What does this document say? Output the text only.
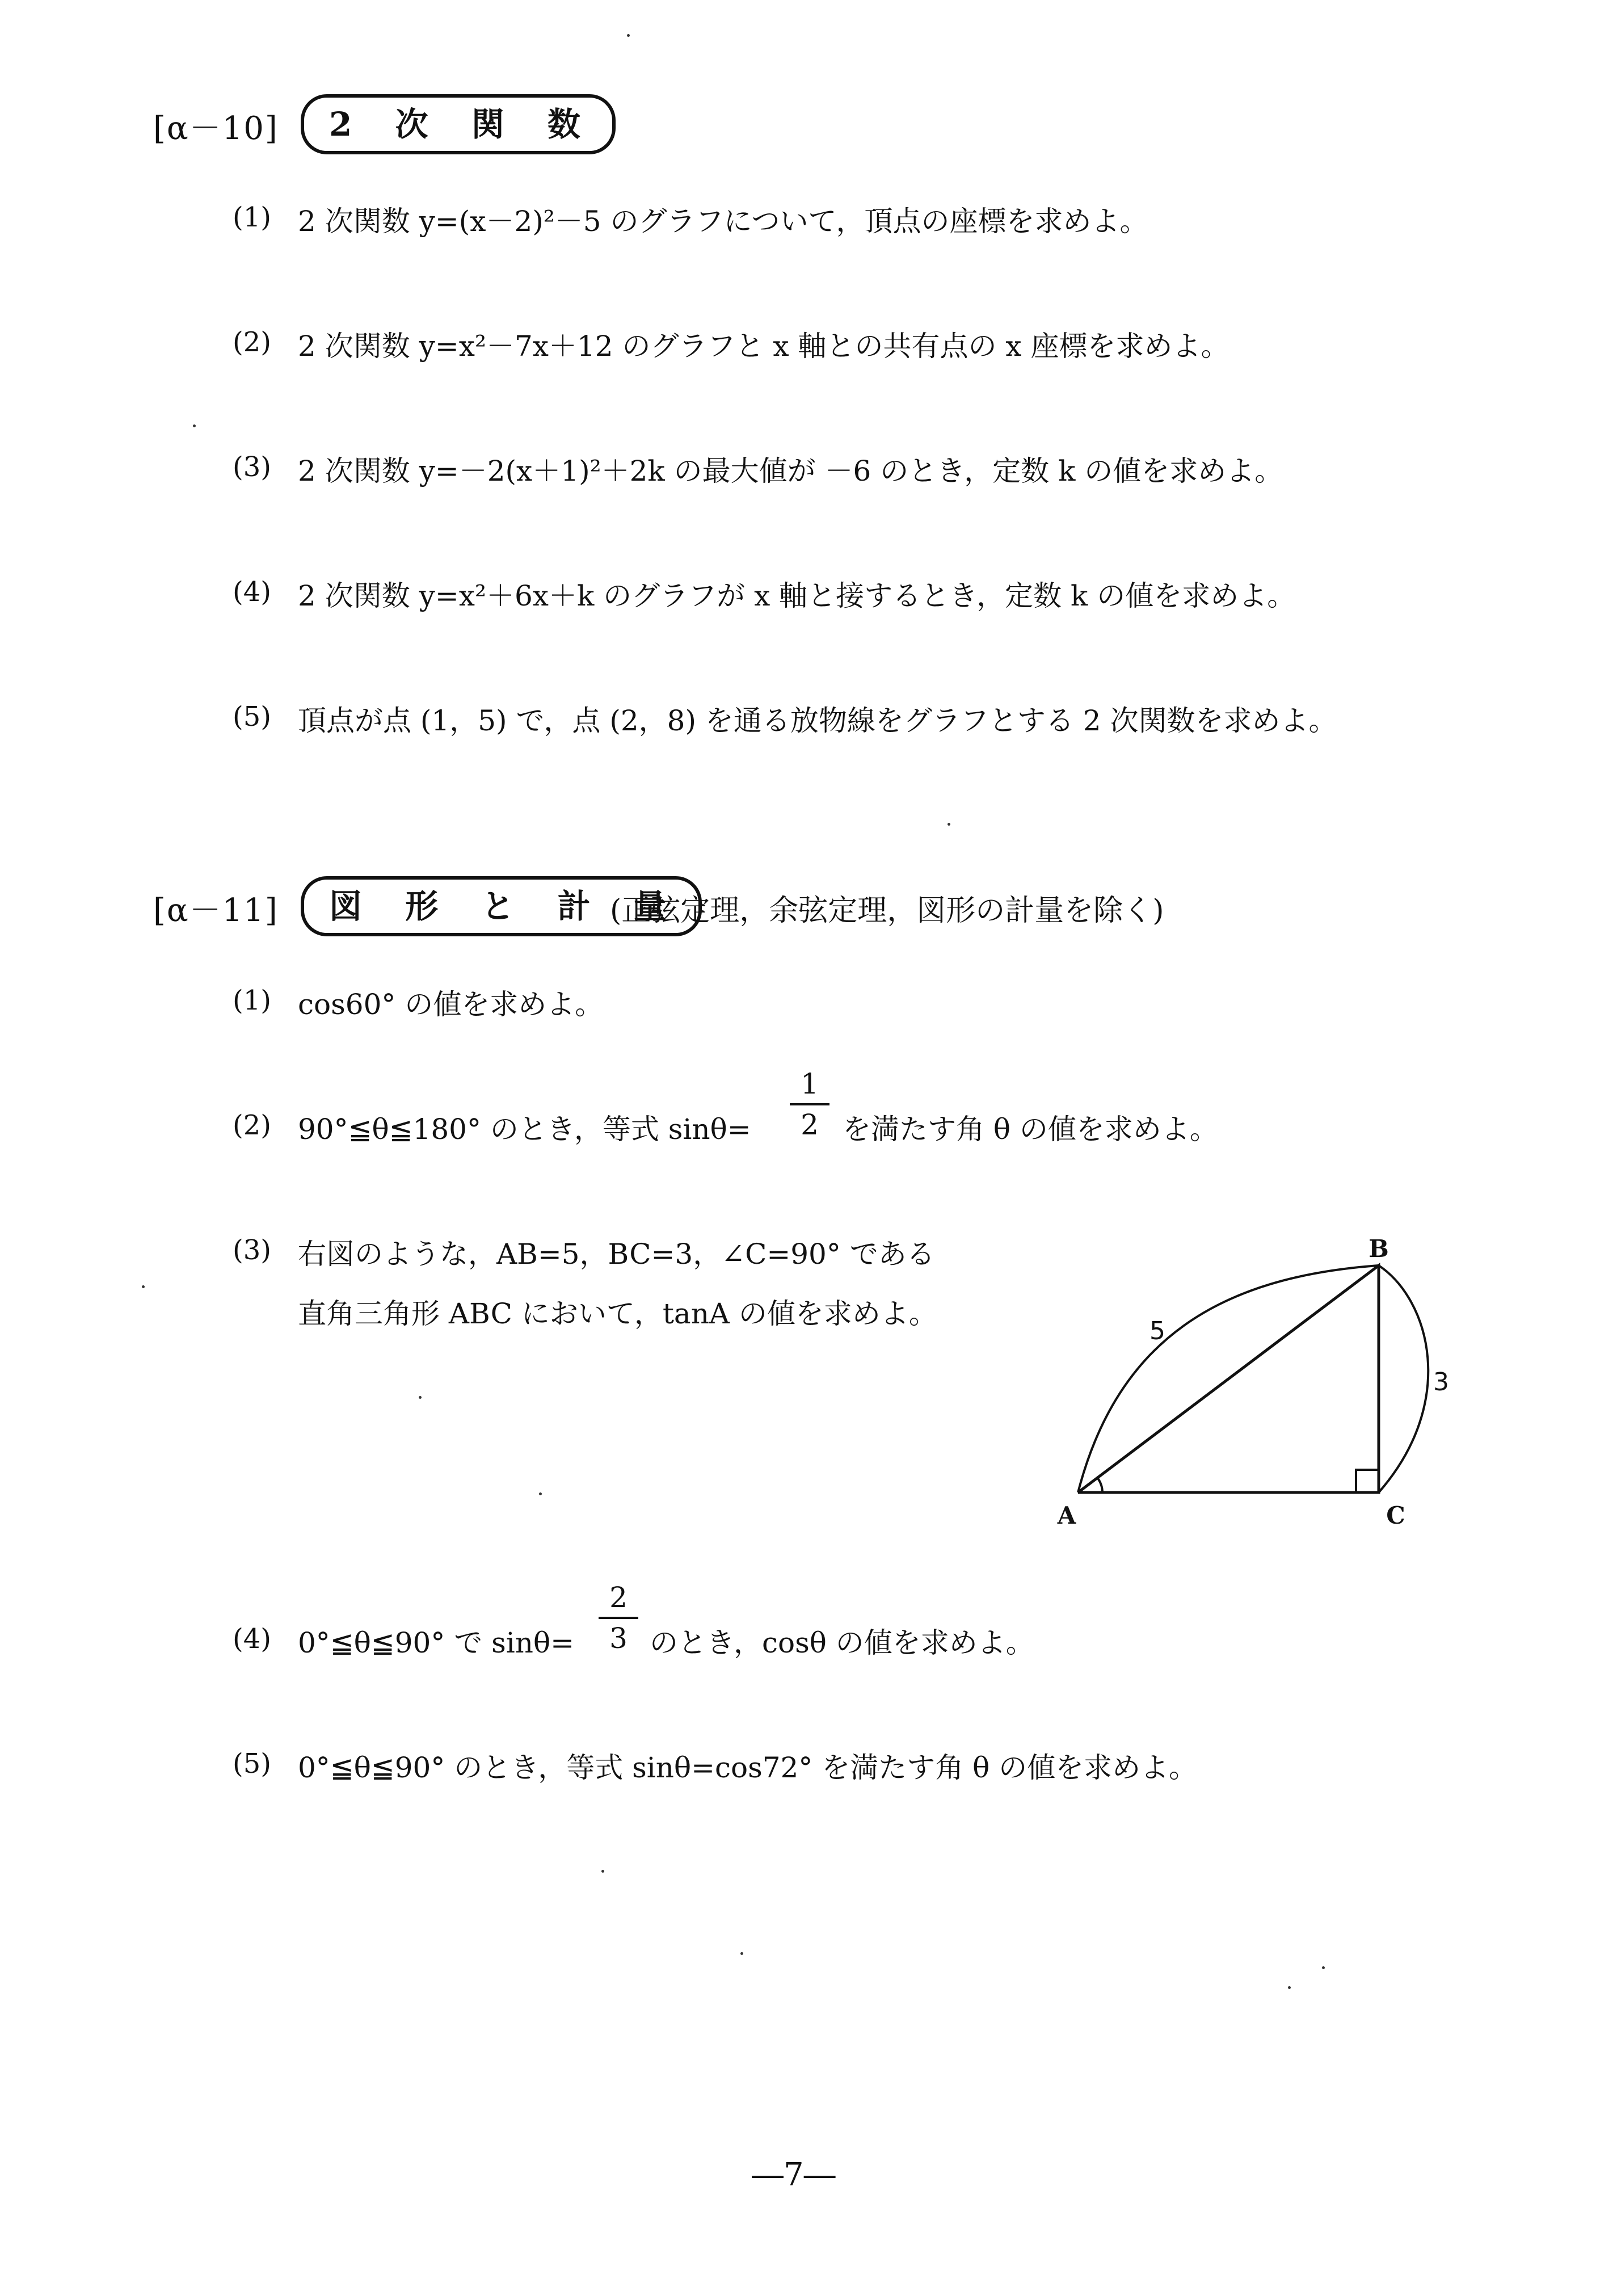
[α－10]	2 次 関 数
(1) 2 次関数 y=(x－2)²－5 のグラフについて，頂点の座標を求めよ。
(2) 2 次関数 y=x²－7x＋12 のグラフと x 軸との共有点の x 座標を求めよ。
(3) 2 次関数 y=－2(x＋1)²＋2k の最大値が －6 のとき，定数 k の値を求めよ。
(4) 2 次関数 y=x²＋6x＋k のグラフが x 軸と接するとき，定数 k の値を求めよ。
(5) 頂点が点 (1，5) で，点 (2，8) を通る放物線をグラフとする 2 次関数を求めよ。
[α－11]	図 形 と 計 量
(正弦定理，余弦定理，図形の計量を除く)
(1) cos60° の値を求めよ。
(2) 90°≦θ≦180° のとき，等式 sinθ=
1
2 を満たす角 θ の値を求めよ。
(3) 右図のような，AB=5，BC=3，∠C=90° である
直角三角形 ABC において，tanA の値を求めよ。
5
3
A
B
C
(4) 0°≦θ≦90° で sinθ=
2
3 のとき，cosθ の値を求めよ。
(5) 0°≦θ≦90° のとき，等式 sinθ=cos72° を満たす角 θ の値を求めよ。
―7―
